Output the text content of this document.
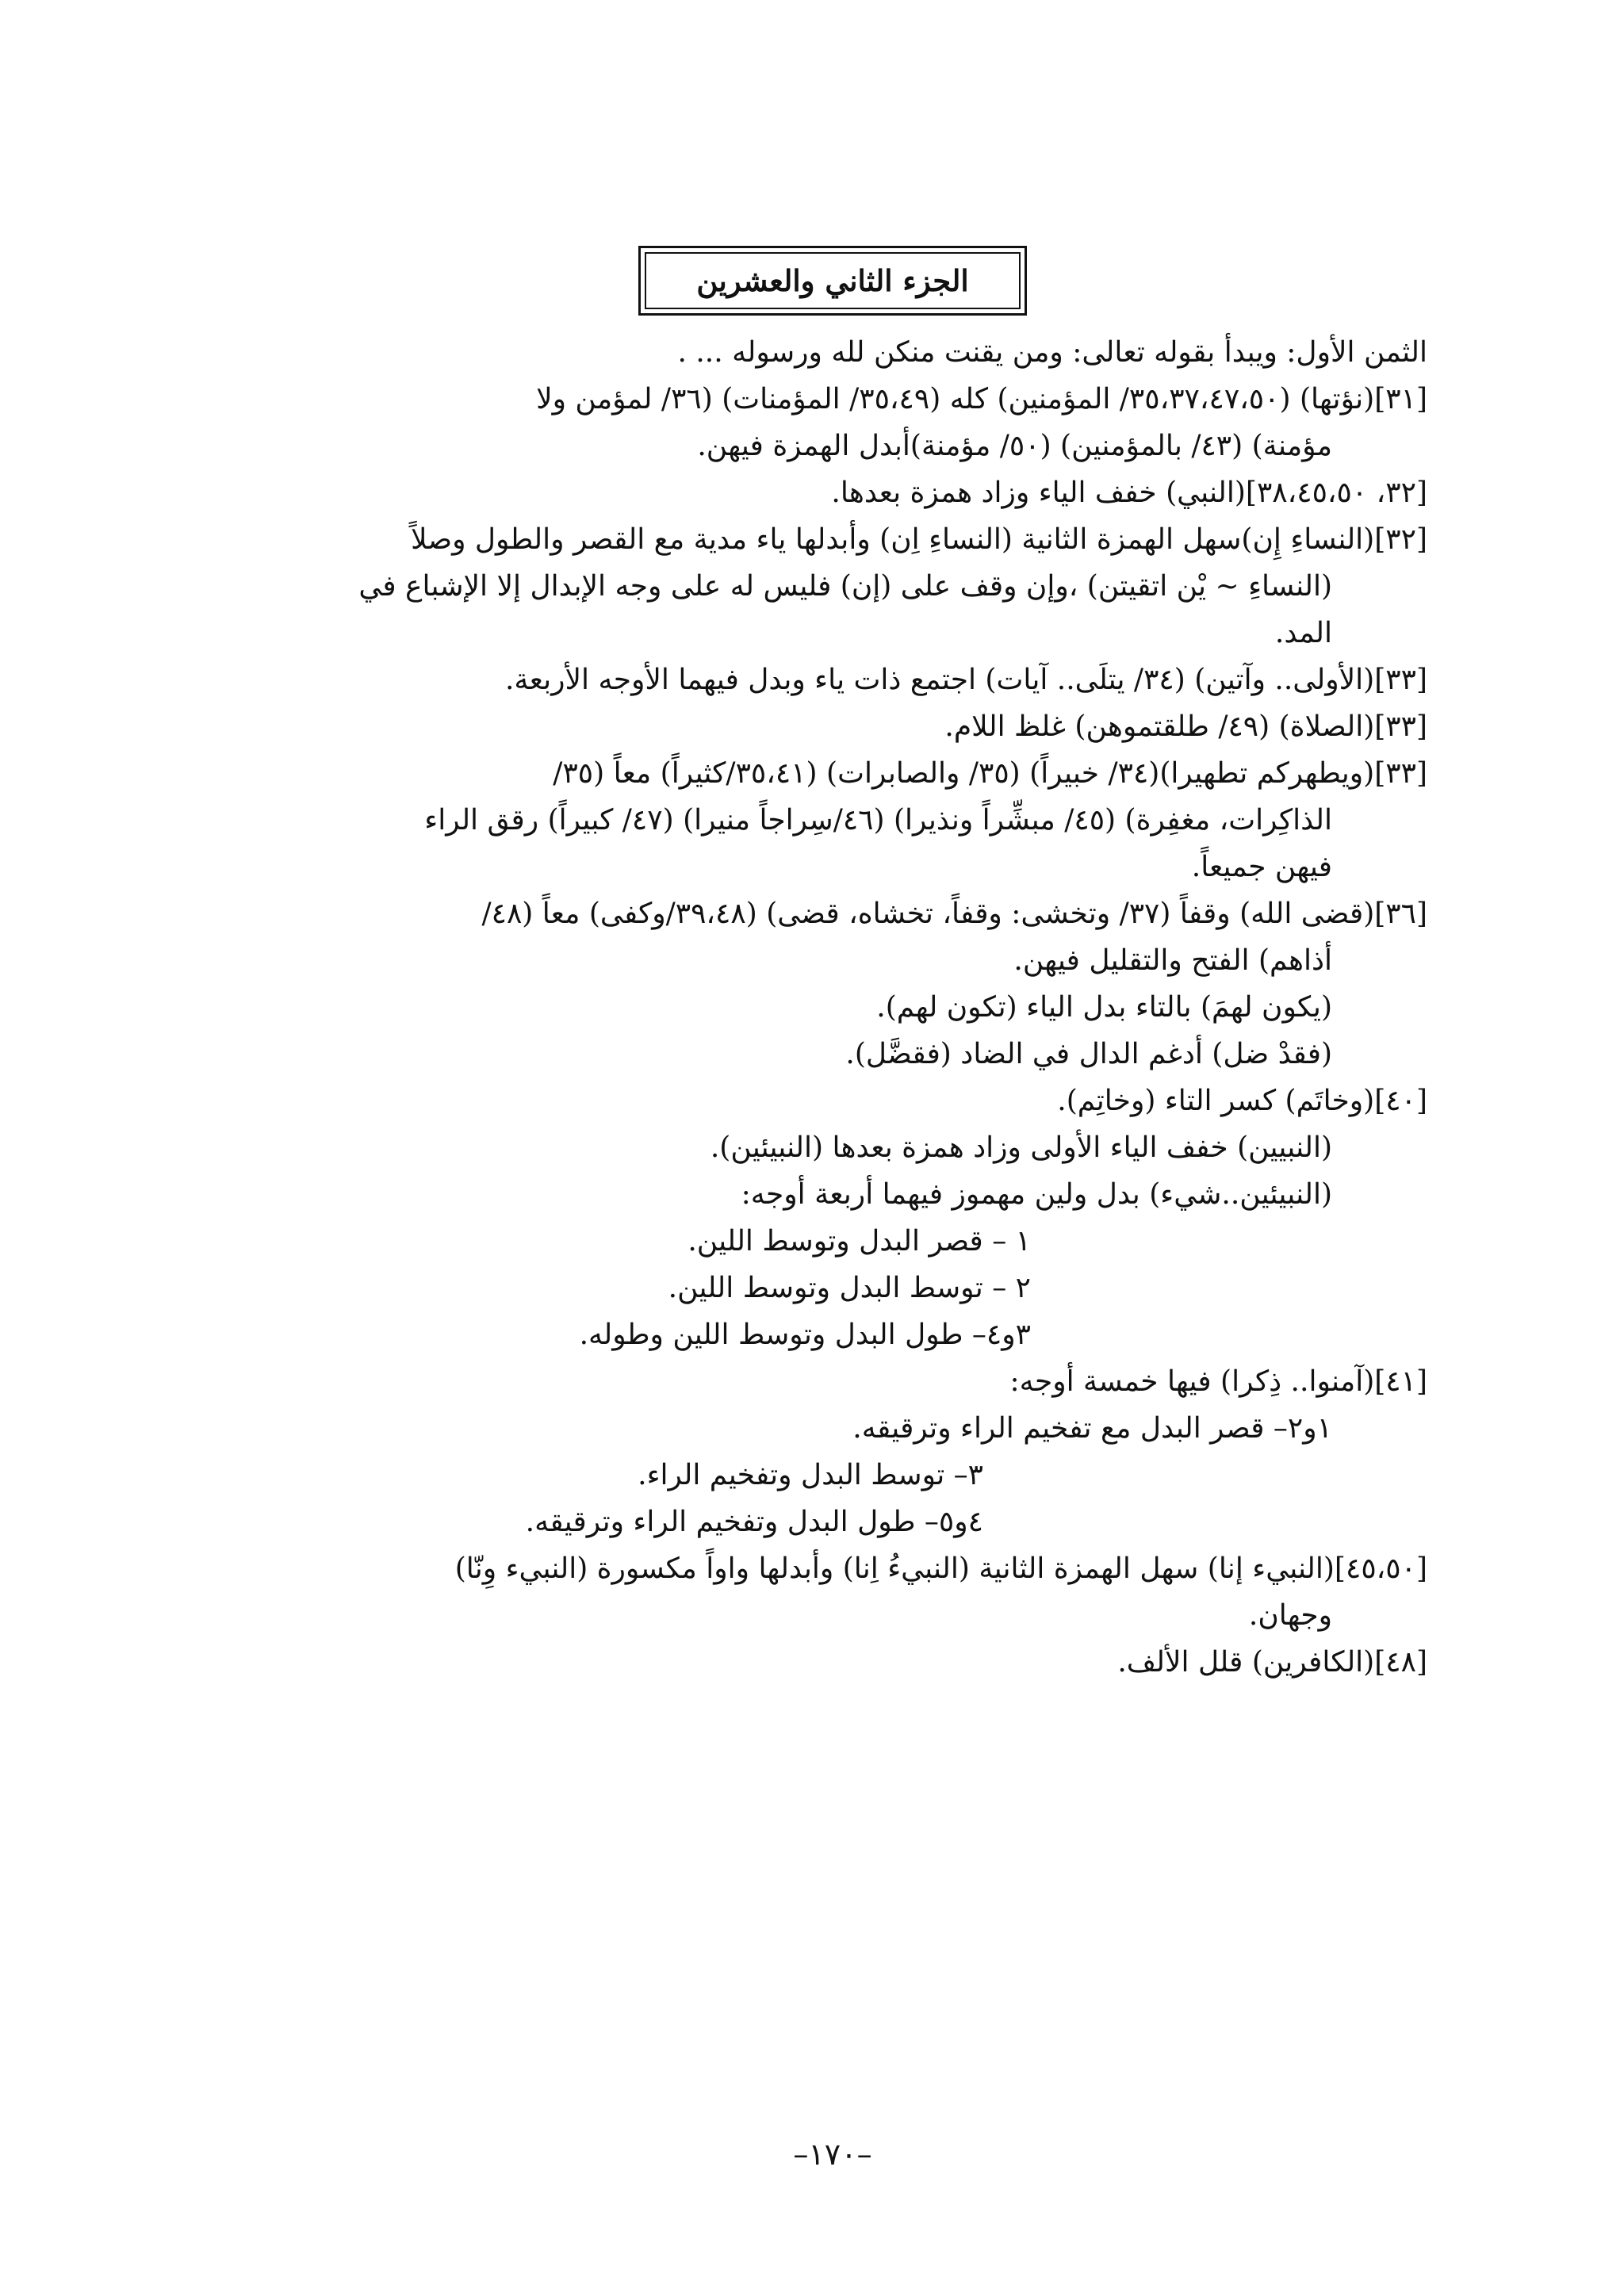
الجزء الثاني والعشرين
الثمن الأول: ويبدأ بقوله تعالى: ومن يقنت منكن لله ورسوله ... .
[٣١](نؤتها) (٣٥،٣٧،٤٧،٥٠/ المؤمنين) كله (٣٥،٤٩/ المؤمنات) (٣٦/ لمؤمن ولا
مؤمنة) (٤٣/ بالمؤمنين) (٥٠/ مؤمنة)أبدل الهمزة فيهن.
[٣٢، ٣٨،٤٥،٥٠](النبي) خفف الياء وزاد همزة بعدها.
[٣٢](النساءِ إِن)سهل الهمزة الثانية (النساءِ اِن) وأبدلها ياء مدية مع القصر والطول وصلاً
(النساءِ ~ يْن اتقيتن) ،وإن وقف على (إن) فليس له على وجه الإبدال إلا الإشباع في
المد.
[٣٣](الأولى.. وآتين) (٣٤/ يتلَى.. آيات) اجتمع ذات ياء وبدل فيهما الأوجه الأربعة.
[٣٣](الصلاة) (٤٩/ طلقتموهن) غلظ اللام.
[٣٣](ويطهركم تطهيرا)(٣٤/ خبيراً) (٣٥/ والصابرات) (٣٥،٤١/كثيراً) معاً (٣٥/
الذاكِرات، مغفِرة) (٤٥/ مبشِّراً ونذيرا) (٤٦/سِراجاً منيرا) (٤٧/ كبيراً) رقق الراء
فيهن جميعاً.
[٣٦](قضى الله) وقفاً (٣٧/ وتخشى: وقفاً، تخشاه، قضى) (٣٩،٤٨/وكفى) معاً (٤٨/
أذاهم) الفتح والتقليل فيهن.
(يكون لهمَ) بالتاء بدل الياء (تكون لهم).
(فقدْ ضل) أدغم الدال في الضاد (فقضَّل).
[٤٠](وخاتَم) كسر التاء (وخاتِم).
(النبيين) خفف الياء الأولى وزاد همزة بعدها (النبيئين).
(النبيئين..شيء) بدل ولين مهموز فيهما أربعة أوجه:
١ – قصر البدل وتوسط اللين.
٢ – توسط البدل وتوسط اللين.
٣و٤– طول البدل وتوسط اللين وطوله.
[٤١](آمنوا.. ذِكرا) فيها خمسة أوجه:
١و٢– قصر البدل مع تفخيم الراء وترقيقه.
٣– توسط البدل وتفخيم الراء.
٤و٥– طول البدل وتفخيم الراء وترقيقه.
[٤٥،٥٠](النبيء إنا) سهل الهمزة الثانية (النبيءُ اِنا) وأبدلها واواً مكسورة (النبيء وِنّا)
وجهان.
[٤٨](الكافرين) قلل الألف.
–١٧٠–
